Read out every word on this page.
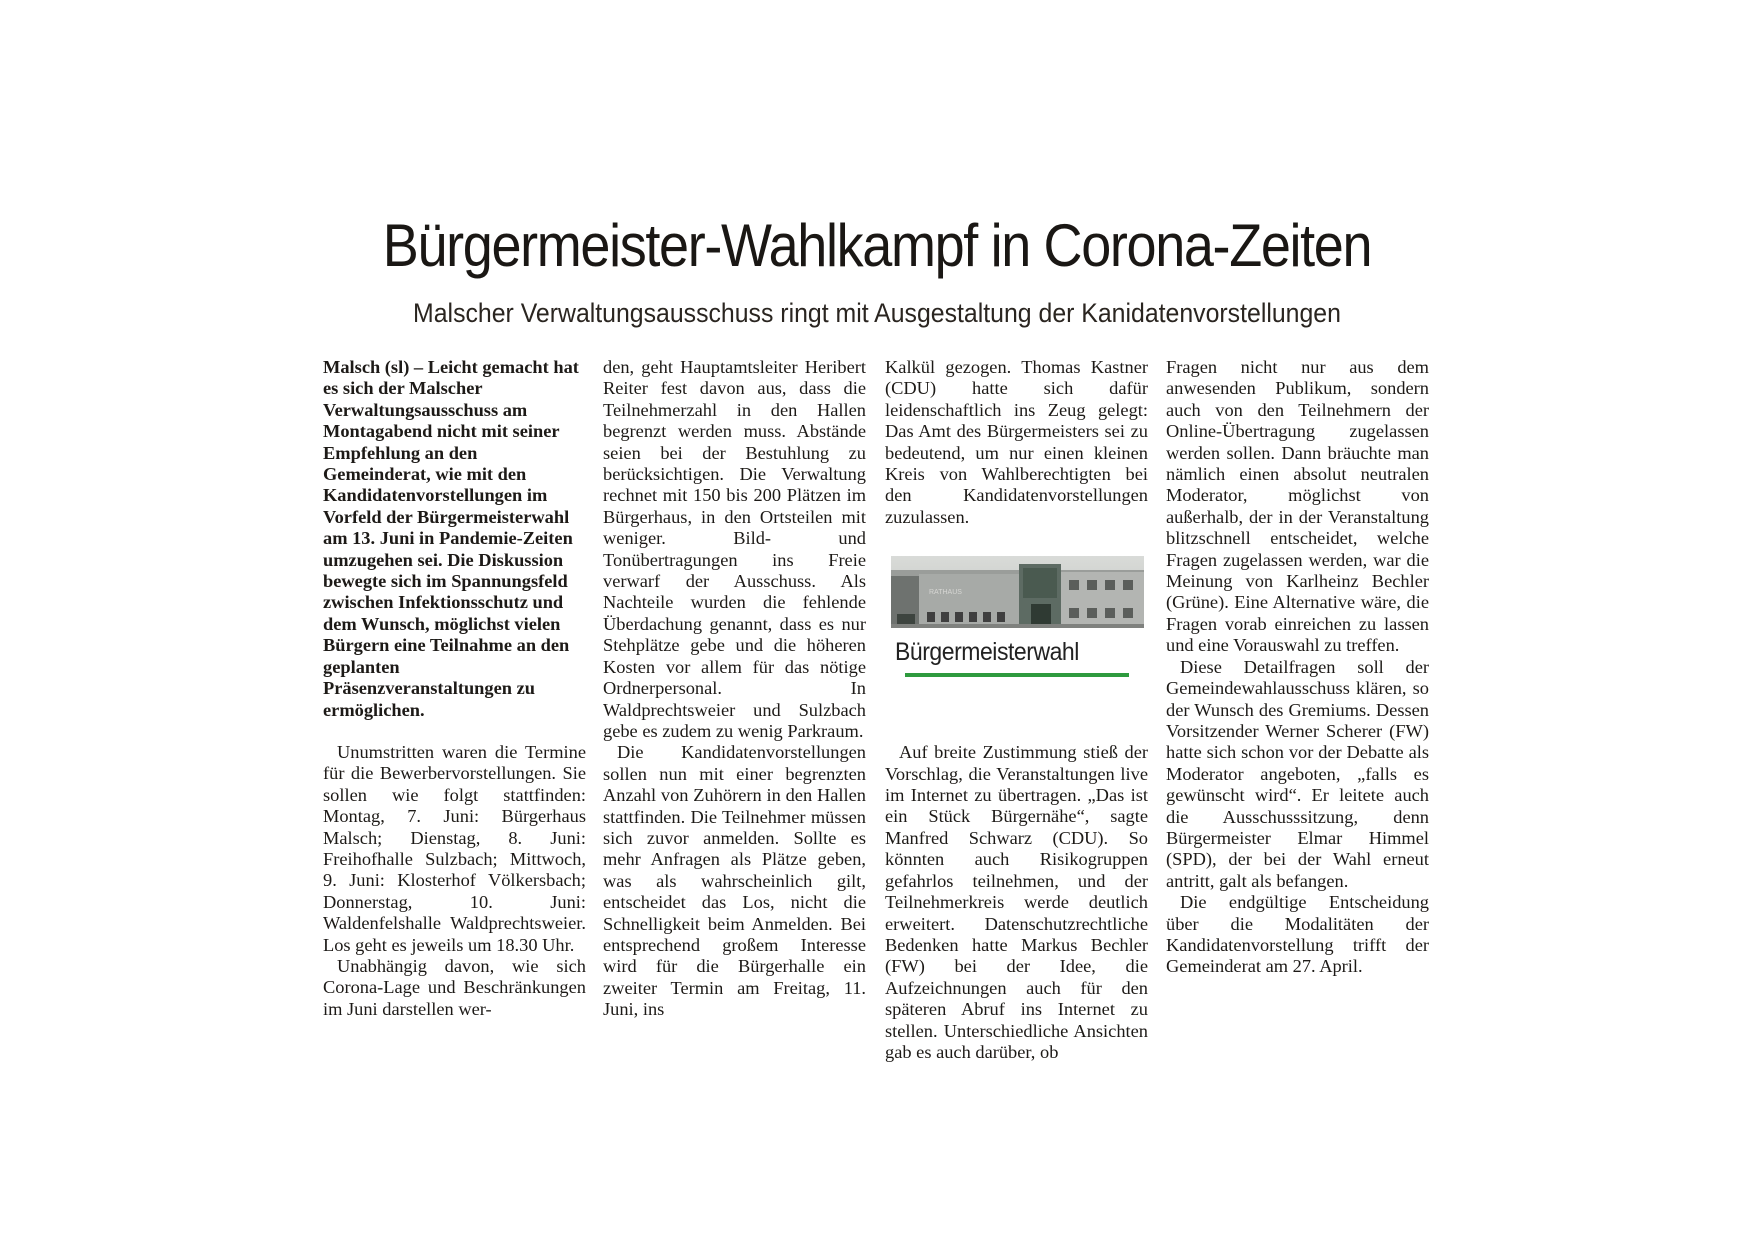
Bürgermeister-Wahlkampf in Corona-Zeiten
Malscher Verwaltungsausschuss ringt mit Ausgestaltung der Kanidatenvorstellungen

Malsch (sl) – Leicht gemacht hat es sich der Malscher Verwaltungsausschuss am Montagabend nicht mit seiner Empfehlung an den Gemeinderat, wie mit den Kandidatenvorstellungen im Vorfeld der Bürgermeisterwahl am 13. Juni in Pandemie-Zeiten umzugehen sei. Die Diskussion bewegte sich im Spannungsfeld zwischen Infektionsschutz und dem Wunsch, möglichst vielen Bürgern eine Teilnahme an den geplanten Präsenzveranstaltungen zu ermöglichen.

Unumstritten waren die Termine für die Bewerbervorstellungen. Sie sollen wie folgt stattfinden: Montag, 7. Juni: Bürgerhaus Malsch; Dienstag, 8. Juni: Freihofhalle Sulzbach; Mittwoch, 9. Juni: Klosterhof Völkersbach; Donnerstag, 10. Juni: Waldenfelshalle Waldprechtsweier. Los geht es jeweils um 18.30 Uhr.

Unabhängig davon, wie sich Corona-Lage und Beschränkungen im Juni darstellen wer-

den, geht Hauptamtsleiter Heribert Reiter fest davon aus, dass die Teilnehmerzahl in den Hallen begrenzt werden muss. Abstände seien bei der Bestuhlung zu berücksichtigen. Die Verwaltung rechnet mit 150 bis 200 Plätzen im Bürgerhaus, in den Ortsteilen mit weniger. Bild- und Tonübertragungen ins Freie verwarf der Ausschuss. Als Nachteile wurden die fehlende Überdachung genannt, dass es nur Stehplätze gebe und die höheren Kosten vor allem für das nötige Ordnerpersonal. In Waldprechtsweier und Sulzbach gebe es zudem zu wenig Parkraum.

Die Kandidatenvorstellungen sollen nun mit einer begrenzten Anzahl von Zuhörern in den Hallen stattfinden. Die Teilnehmer müssen sich zuvor anmelden. Sollte es mehr Anfragen als Plätze geben, was als wahrscheinlich gilt, entscheidet das Los, nicht die Schnelligkeit beim Anmelden. Bei entsprechend großem Interesse wird für die Bürgerhalle ein zweiter Termin am Freitag, 11. Juni, ins

Kalkül gezogen. Thomas Kastner (CDU) hatte sich dafür leidenschaftlich ins Zeug gelegt: Das Amt des Bürgermeisters sei zu bedeutend, um nur einen kleinen Kreis von Wahlberechtigten bei den Kandidatenvorstellungen zuzulassen.

Auf breite Zustimmung stieß der Vorschlag, die Veranstaltungen live im Internet zu übertragen. „Das ist ein Stück Bürgernähe“, sagte Manfred Schwarz (CDU). So könnten auch Risikogruppen gefahrlos teilnehmen, und der Teilnehmerkreis werde deutlich erweitert. Datenschutzrechtliche Bedenken hatte Markus Bechler (FW) bei der Idee, die Aufzeichnungen auch für den späteren Abruf ins Internet zu stellen. Unterschiedliche Ansichten gab es auch darüber, ob

RATHAUS
Bürgermeisterwahl

Fragen nicht nur aus dem anwesenden Publikum, sondern auch von den Teilnehmern der Online-Übertragung zugelassen werden sollen. Dann bräuchte man nämlich einen absolut neutralen Moderator, möglichst von außerhalb, der in der Veranstaltung blitzschnell entscheidet, welche Fragen zugelassen werden, war die Meinung von Karlheinz Bechler (Grüne). Eine Alternative wäre, die Fragen vorab einreichen zu lassen und eine Vorauswahl zu treffen.

Diese Detailfragen soll der Gemeindewahlausschuss klären, so der Wunsch des Gremiums. Dessen Vorsitzender Werner Scherer (FW) hatte sich schon vor der Debatte als Moderator angeboten, „falls es gewünscht wird“. Er leitete auch die Ausschusssitzung, denn Bürgermeister Elmar Himmel (SPD), der bei der Wahl erneut antritt, galt als befangen.

Die endgültige Entscheidung über die Modalitäten der Kandidatenvorstellung trifft der Gemeinderat am 27. April.
